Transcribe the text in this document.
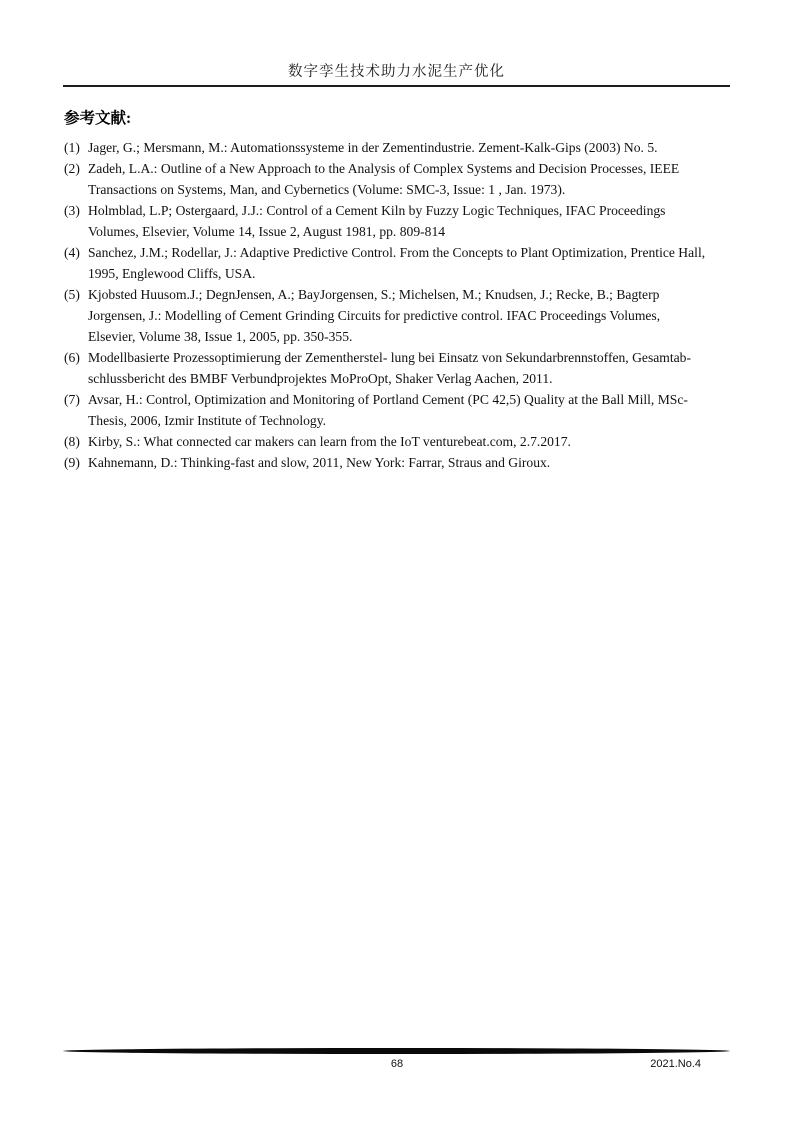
数字孪生技术助力水泥生产优化
参考文献:
(1) Jager, G.; Mersmann, M.: Automationssysteme in der Zementindustrie. Zement-Kalk-Gips (2003) No. 5.
(2) Zadeh, L.A.: Outline of a New Approach to the Analysis of Complex Systems and Decision Processes, IEEE
Transactions on Systems, Man, and Cybernetics (Volume: SMC-3, Issue: 1 , Jan. 1973).
(3) Holmblad, L.P; Ostergaard, J.J.: Control of a Cement Kiln by Fuzzy Logic Techniques, IFAC Proceedings
Volumes, Elsevier, Volume 14, Issue 2, August 1981, pp. 809-814
(4) Sanchez, J.M.; Rodellar, J.: Adaptive Predictive Control. From the Concepts to Plant Optimization, Prentice Hall,
1995, Englewood Cliffs, USA.
(5) Kjobsted Huusom.J.; DegnJensen, A.; BayJorgensen, S.; Michelsen, M.; Knudsen, J.; Recke, B.; Bagterp
Jorgensen, J.: Modelling of Cement Grinding Circuits for predictive control. IFAC Proceedings Volumes,
Elsevier, Volume 38, Issue 1, 2005, pp. 350-355.
(6) Modellbasierte Prozessoptimierung der Zementherstel- lung bei Einsatz von Sekundarbrennstoffen, Gesamtab-
schlussbericht des BMBF Verbundprojektes MoProOpt, Shaker Verlag Aachen, 2011.
(7) Avsar, H.: Control, Optimization and Monitoring of Portland Cement (PC 42,5) Quality at the Ball Mill, MSc-
Thesis, 2006, Izmir Institute of Technology.
(8) Kirby, S.: What connected car makers can learn from the IoT venturebeat.com, 2.7.2017.
(9) Kahnemann, D.: Thinking-fast and slow, 2011, New York: Farrar, Straus and Giroux.
68	2021.No.4
